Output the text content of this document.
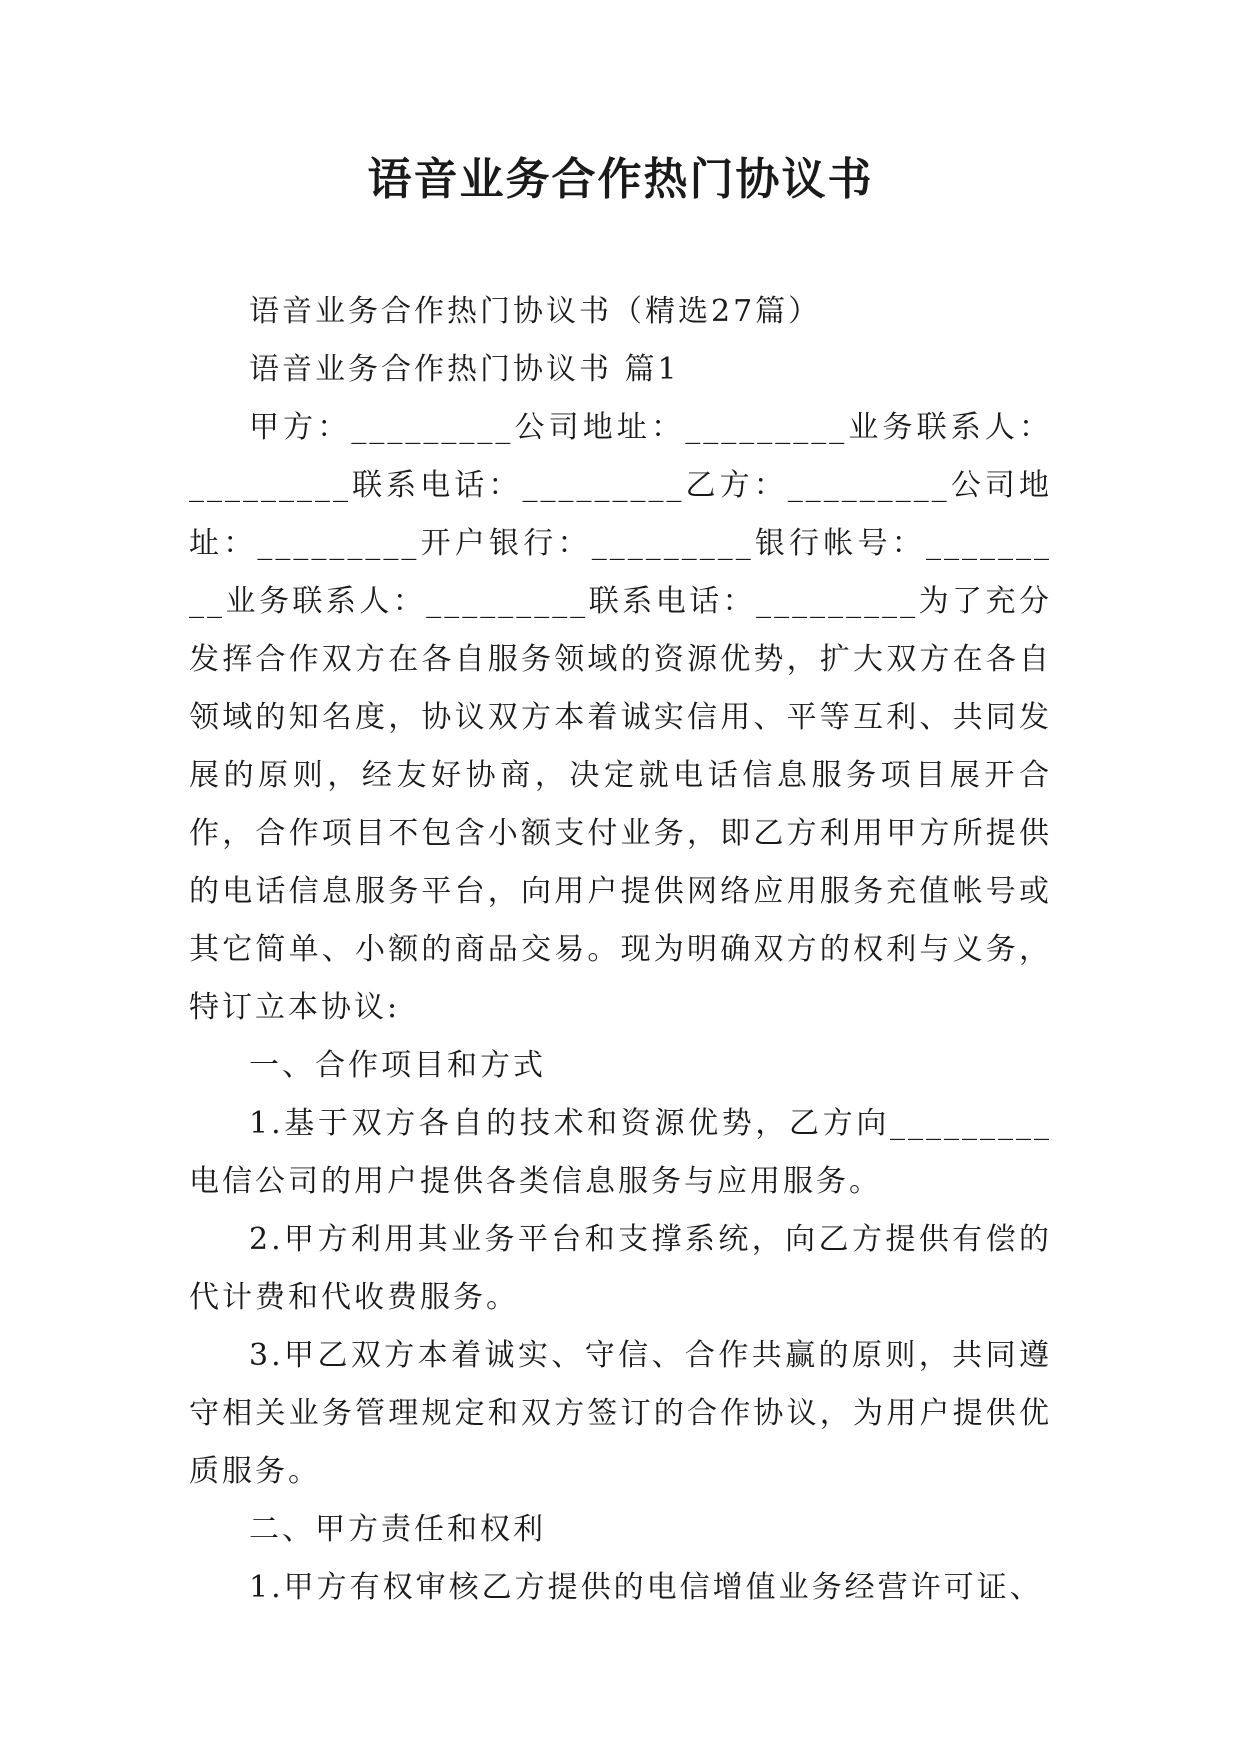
语音业务合作热门协议书

语音业务合作热门协议书（精选27篇）

语音业务合作热门协议书 篇1

甲方：_________公司地址：_________业务联系人：_________联系电话：_________乙方：_________公司地址：_________开户银行：_________银行帐号：_________业务联系人：_________联系电话：_________为了充分发挥合作双方在各自服务领域的资源优势，扩大双方在各自领域的知名度，协议双方本着诚实信用、平等互利、共同发展的原则，经友好协商，决定就电话信息服务项目展开合作，合作项目不包含小额支付业务，即乙方利用甲方所提供的电话信息服务平台，向用户提供网络应用服务充值帐号或其它简单、小额的商品交易。现为明确双方的权利与义务，特订立本协议:

一、合作项目和方式

1.基于双方各自的技术和资源优势，乙方向_________电信公司的用户提供各类信息服务与应用服务。

2.甲方利用其业务平台和支撑系统，向乙方提供有偿的代计费和代收费服务。

3.甲乙双方本着诚实、守信、合作共赢的原则，共同遵守相关业务管理规定和双方签订的合作协议，为用户提供优质服务。

二、甲方责任和权利

1.甲方有权审核乙方提供的电信增值业务经营许可证、
